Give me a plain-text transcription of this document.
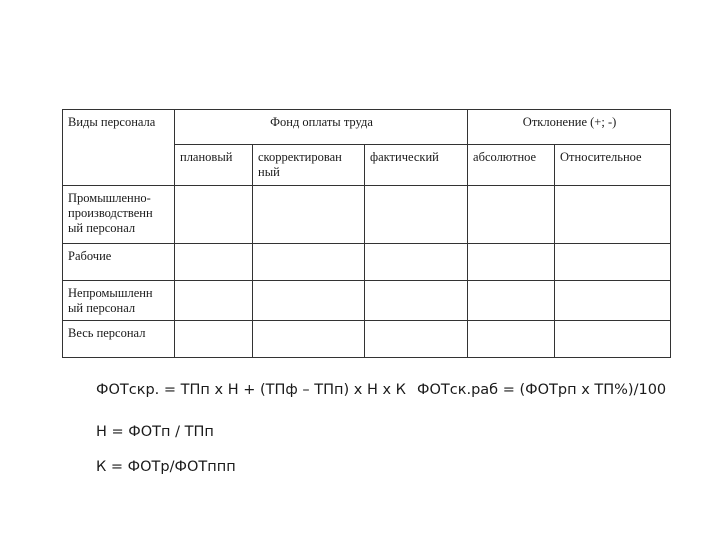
Виды персонала	Фонд оплаты труда			Отклонение (+; -)	
	плановый	скорректирован ный	фактический	абсолютное	Относительное
Промышленно-производственн ый персонал					
Рабочие					
Непромышленн ый персонал					
Весь персонал					

ФОТскр. = ТПп х Н + (ТПф – ТПп) х Н х К ФОТск.раб = (ФОТрп х ТП%)/100

Н = ФОТп / ТПп

К = ФОТр/ФОТппп
